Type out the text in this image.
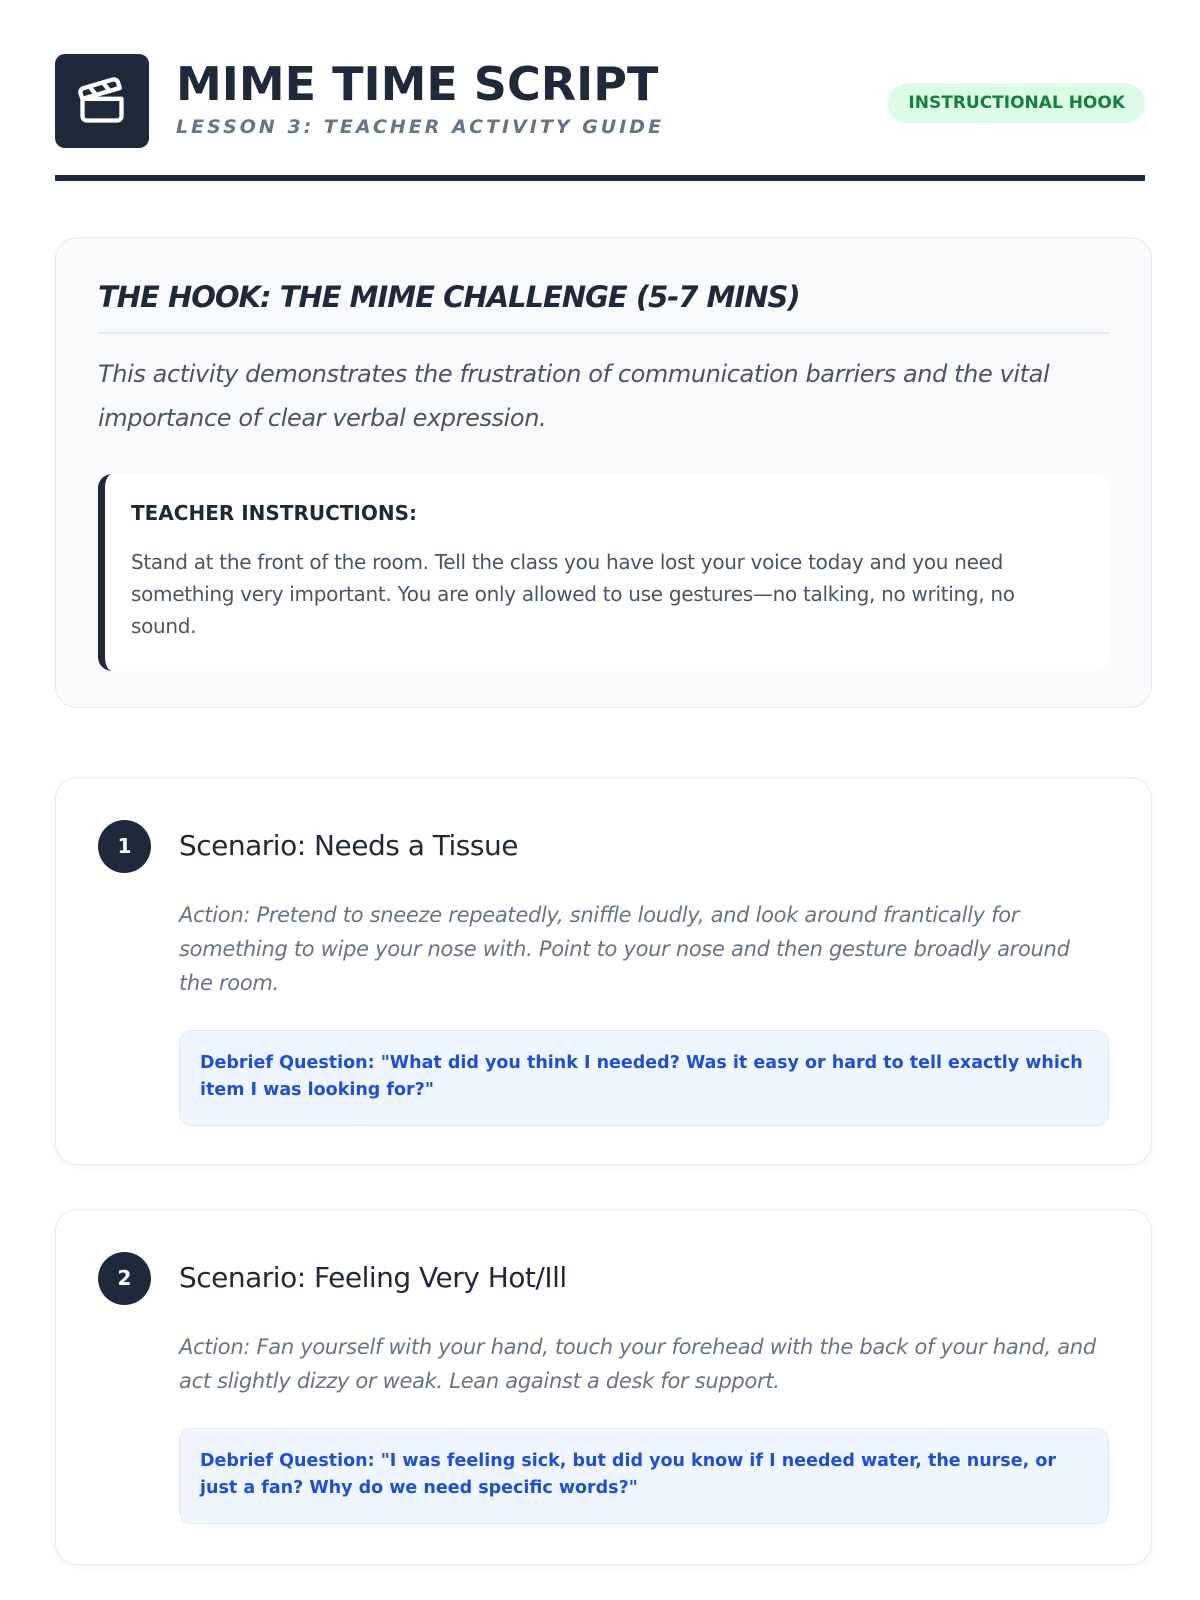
MIME TIME SCRIPT
LESSON 3: TEACHER ACTIVITY GUIDE
INSTRUCTIONAL HOOK
THE HOOK: THE MIME CHALLENGE (5-7 MINS)
This activity demonstrates the frustration of communication barriers and the vital importance of clear verbal expression.
TEACHER INSTRUCTIONS:
Stand at the front of the room. Tell the class you have lost your voice today and you need something very important. You are only allowed to use gestures—no talking, no writing, no sound.
1	Scenario: Needs a Tissue
Action: Pretend to sneeze repeatedly, sniffle loudly, and look around frantically for something to wipe your nose with. Point to your nose and then gesture broadly around the room.
Debrief Question: "What did you think I needed? Was it easy or hard to tell exactly which item I was looking for?"
2	Scenario: Feeling Very Hot/Ill
Action: Fan yourself with your hand, touch your forehead with the back of your hand, and act slightly dizzy or weak. Lean against a desk for support.
Debrief Question: "I was feeling sick, but did you know if I needed water, the nurse, or just a fan? Why do we need specific words?"
